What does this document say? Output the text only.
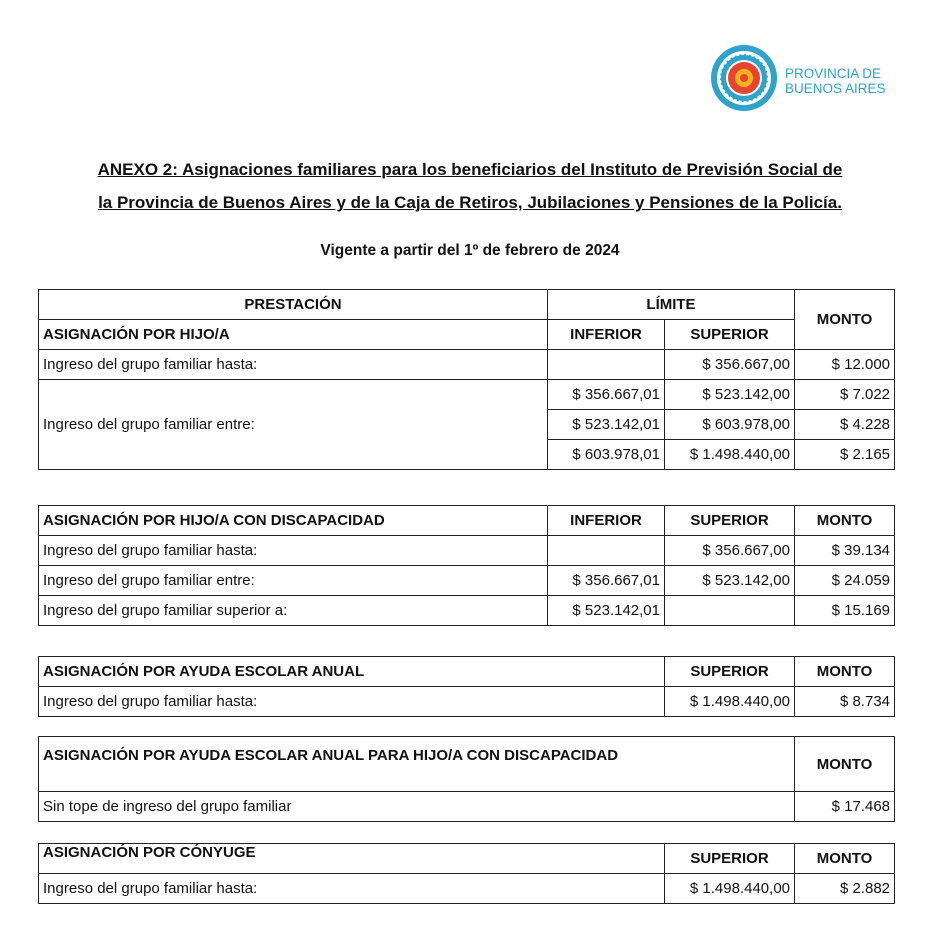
PROVINCIA DE
BUENOS AIRES
ANEXO 2: Asignaciones familiares para los beneficiarios del Instituto de Previsión Social de
la Provincia de Buenos Aires y de la Caja de Retiros, Jubilaciones y Pensiones de la Policía.
Vigente a partir del 1º de febrero de 2024
PRESTACIÓN	LÍMITE		MONTO
ASIGNACIÓN POR HIJO/A	INFERIOR	SUPERIOR	
Ingreso del grupo familiar hasta:		$ 356.667,00	$ 12.000
Ingreso del grupo familiar entre:	$ 356.667,01	$ 523.142,00	$ 7.022
	$ 523.142,01	$ 603.978,00	$ 4.228
	$ 603.978,01	$ 1.498.440,00	$ 2.165
ASIGNACIÓN POR HIJO/A CON DISCAPACIDAD	INFERIOR	SUPERIOR	MONTO
Ingreso del grupo familiar hasta:		$ 356.667,00	$ 39.134
Ingreso del grupo familiar entre:	$ 356.667,01	$ 523.142,00	$ 24.059
Ingreso del grupo familiar superior a:	$ 523.142,01		$ 15.169
ASIGNACIÓN POR AYUDA ESCOLAR ANUAL	SUPERIOR	MONTO
Ingreso del grupo familiar hasta:	$ 1.498.440,00	$ 8.734
ASIGNACIÓN POR AYUDA ESCOLAR ANUAL PARA HIJO/A CON DISCAPACIDAD	MONTO
Sin tope de ingreso del grupo familiar	$ 17.468
ASIGNACIÓN POR CÓNYUGE	SUPERIOR	MONTO
Ingreso del grupo familiar hasta:	$ 1.498.440,00	$ 2.882
